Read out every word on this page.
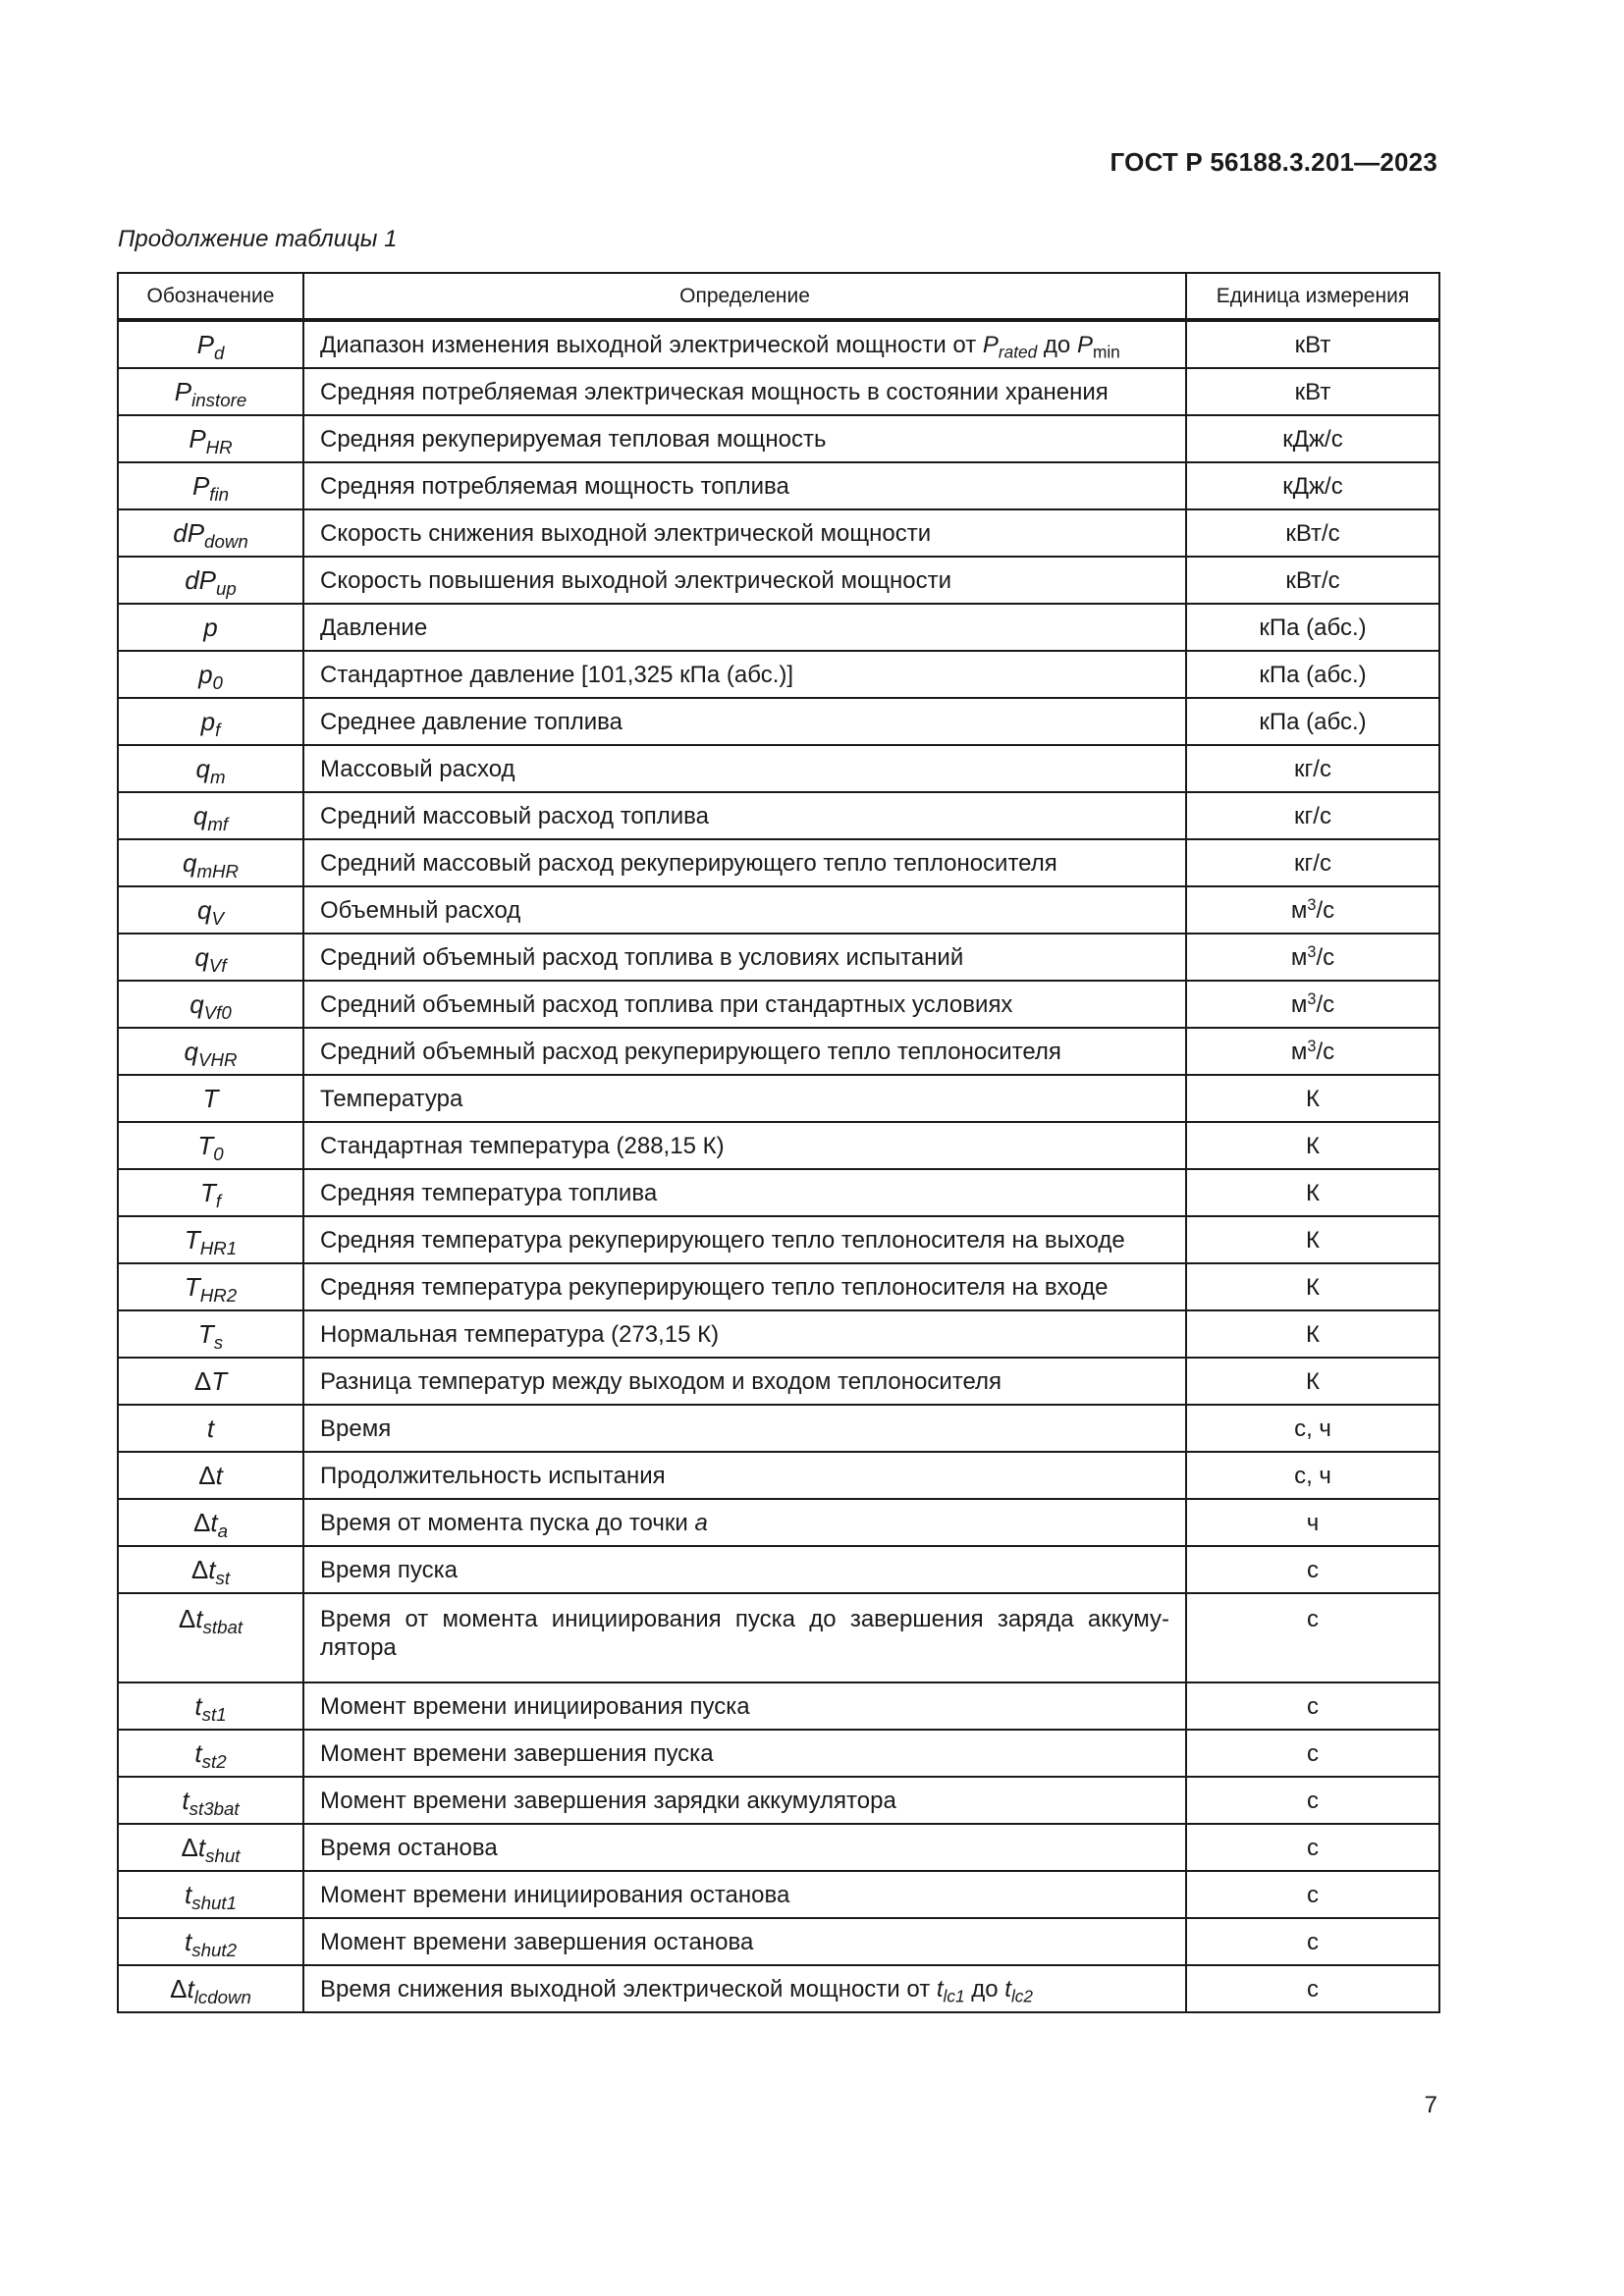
ГОСТ Р 56188.3.201—2023
Продолжение таблицы 1
Обозначение	Определение	Единица измерения
$P_d$	Диапазон изменения выходной электрической мощности от $P_{rated}$ до $P_{min}$	кВт
$P_{instore}$	Средняя потребляемая электрическая мощность в состоянии хранения	кВт
$P_{HR}$	Средняя рекуперируемая тепловая мощность	кДж/с
$P_{fin}$	Средняя потребляемая мощность топлива	кДж/с
$dP_{down}$	Скорость снижения выходной электрической мощности	кВт/с
$dP_{up}$	Скорость повышения выходной электрической мощности	кВт/с
p	Давление	кПа (абс.)
$p_0$	Стандартное давление [101,325 кПа (абс.)]	кПа (абс.)
$p_f$	Среднее давление топлива	кПа (абс.)
$q_m$	Массовый расход	кг/с
$q_{mf}$	Средний массовый расход топлива	кг/с
$q_{mHR}$	Средний массовый расход рекуперирующего тепло теплоносителя	кг/с
$q_V$	Объемный расход	$м^3/с$
$q_{Vf}$	Средний объемный расход топлива в условиях испытаний	$м^3/с$
$q_{Vf0}$	Средний объемный расход топлива при стандартных условиях	$м^3/с$
$q_{VHR}$	Средний объемный расход рекуперирующего тепло теплоносителя	$м^3/с$
T	Температура	К
$T_0$	Стандартная температура (288,15 К)	К
$T_f$	Средняя температура топлива	К
$T_{HR1}$	Средняя температура рекуперирующего тепло теплоносителя на выходе	К
$T_{HR2}$	Средняя температура рекуперирующего тепло теплоносителя на входе	К
$T_s$	Нормальная температура (273,15 К)	К
ΔT	Разница температур между выходом и входом теплоносителя	К
t	Время	с, ч
Δt	Продолжительность испытания	с, ч
$\Delta t_a$	Время от момента пуска до точки a	ч
$\Delta t_{st}$	Время пуска	с
$\Delta t_{stbat}$	Время от момента инициирования пуска до завершения заряда аккуму-лятора	с
$t_{st1}$	Момент времени инициирования пуска	с
$t_{st2}$	Момент времени завершения пуска	с
$t_{st3bat}$	Момент времени завершения зарядки аккумулятора	с
$\Delta t_{shut}$	Время останова	с
$t_{shut1}$	Момент времени инициирования останова	с
$t_{shut2}$	Момент времени завершения останова	с
$\Delta t_{lcdown}$	Время снижения выходной электрической мощности от $t_{lc1}$ до $t_{lc2}$	с
7
